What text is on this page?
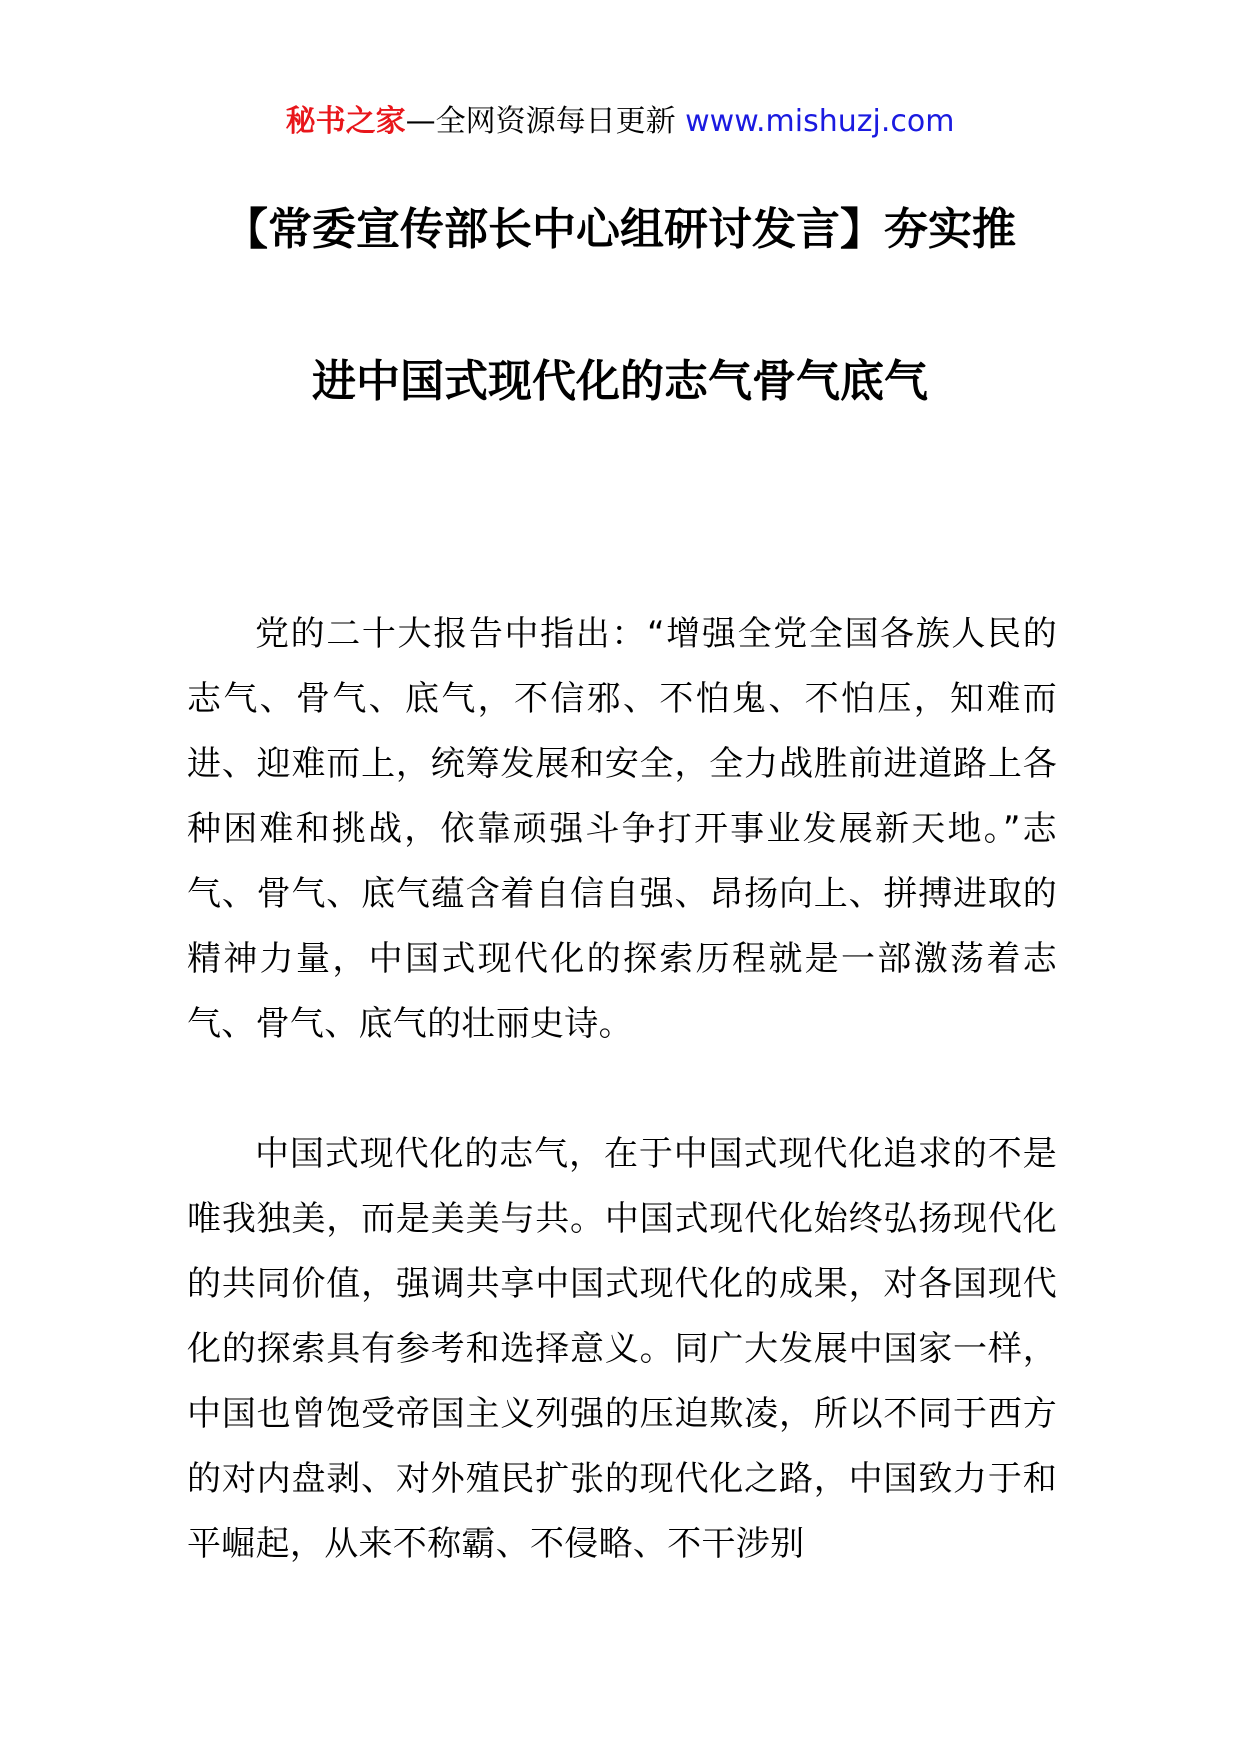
秘书之家—全网资源每日更新 www.mishuzj.com
【常委宣传部长中心组研讨发言】夯实推
进中国式现代化的志气骨气底气

党的二十大报告中指出：“增强全党全国各族人民的志气、骨气、底气，不信邪、不怕鬼、不怕压，知难而进、迎难而上，统筹发展和安全，全力战胜前进道路上各种困难和挑战，依靠顽强斗争打开事业发展新天地。”志气、骨气、底气蕴含着自信自强、昂扬向上、拼搏进取的精神力量，中国式现代化的探索历程就是一部激荡着志气、骨气、底气的壮丽史诗。

中国式现代化的志气，在于中国式现代化追求的不是唯我独美，而是美美与共。中国式现代化始终弘扬现代化的共同价值，强调共享中国式现代化的成果，对各国现代化的探索具有参考和选择意义。同广大发展中国家一样，中国也曾饱受帝国主义列强的压迫欺凌，所以不同于西方的对内盘剥、对外殖民扩张的现代化之路，中国致力于和平崛起，从来不称霸、不侵略、不干涉别
